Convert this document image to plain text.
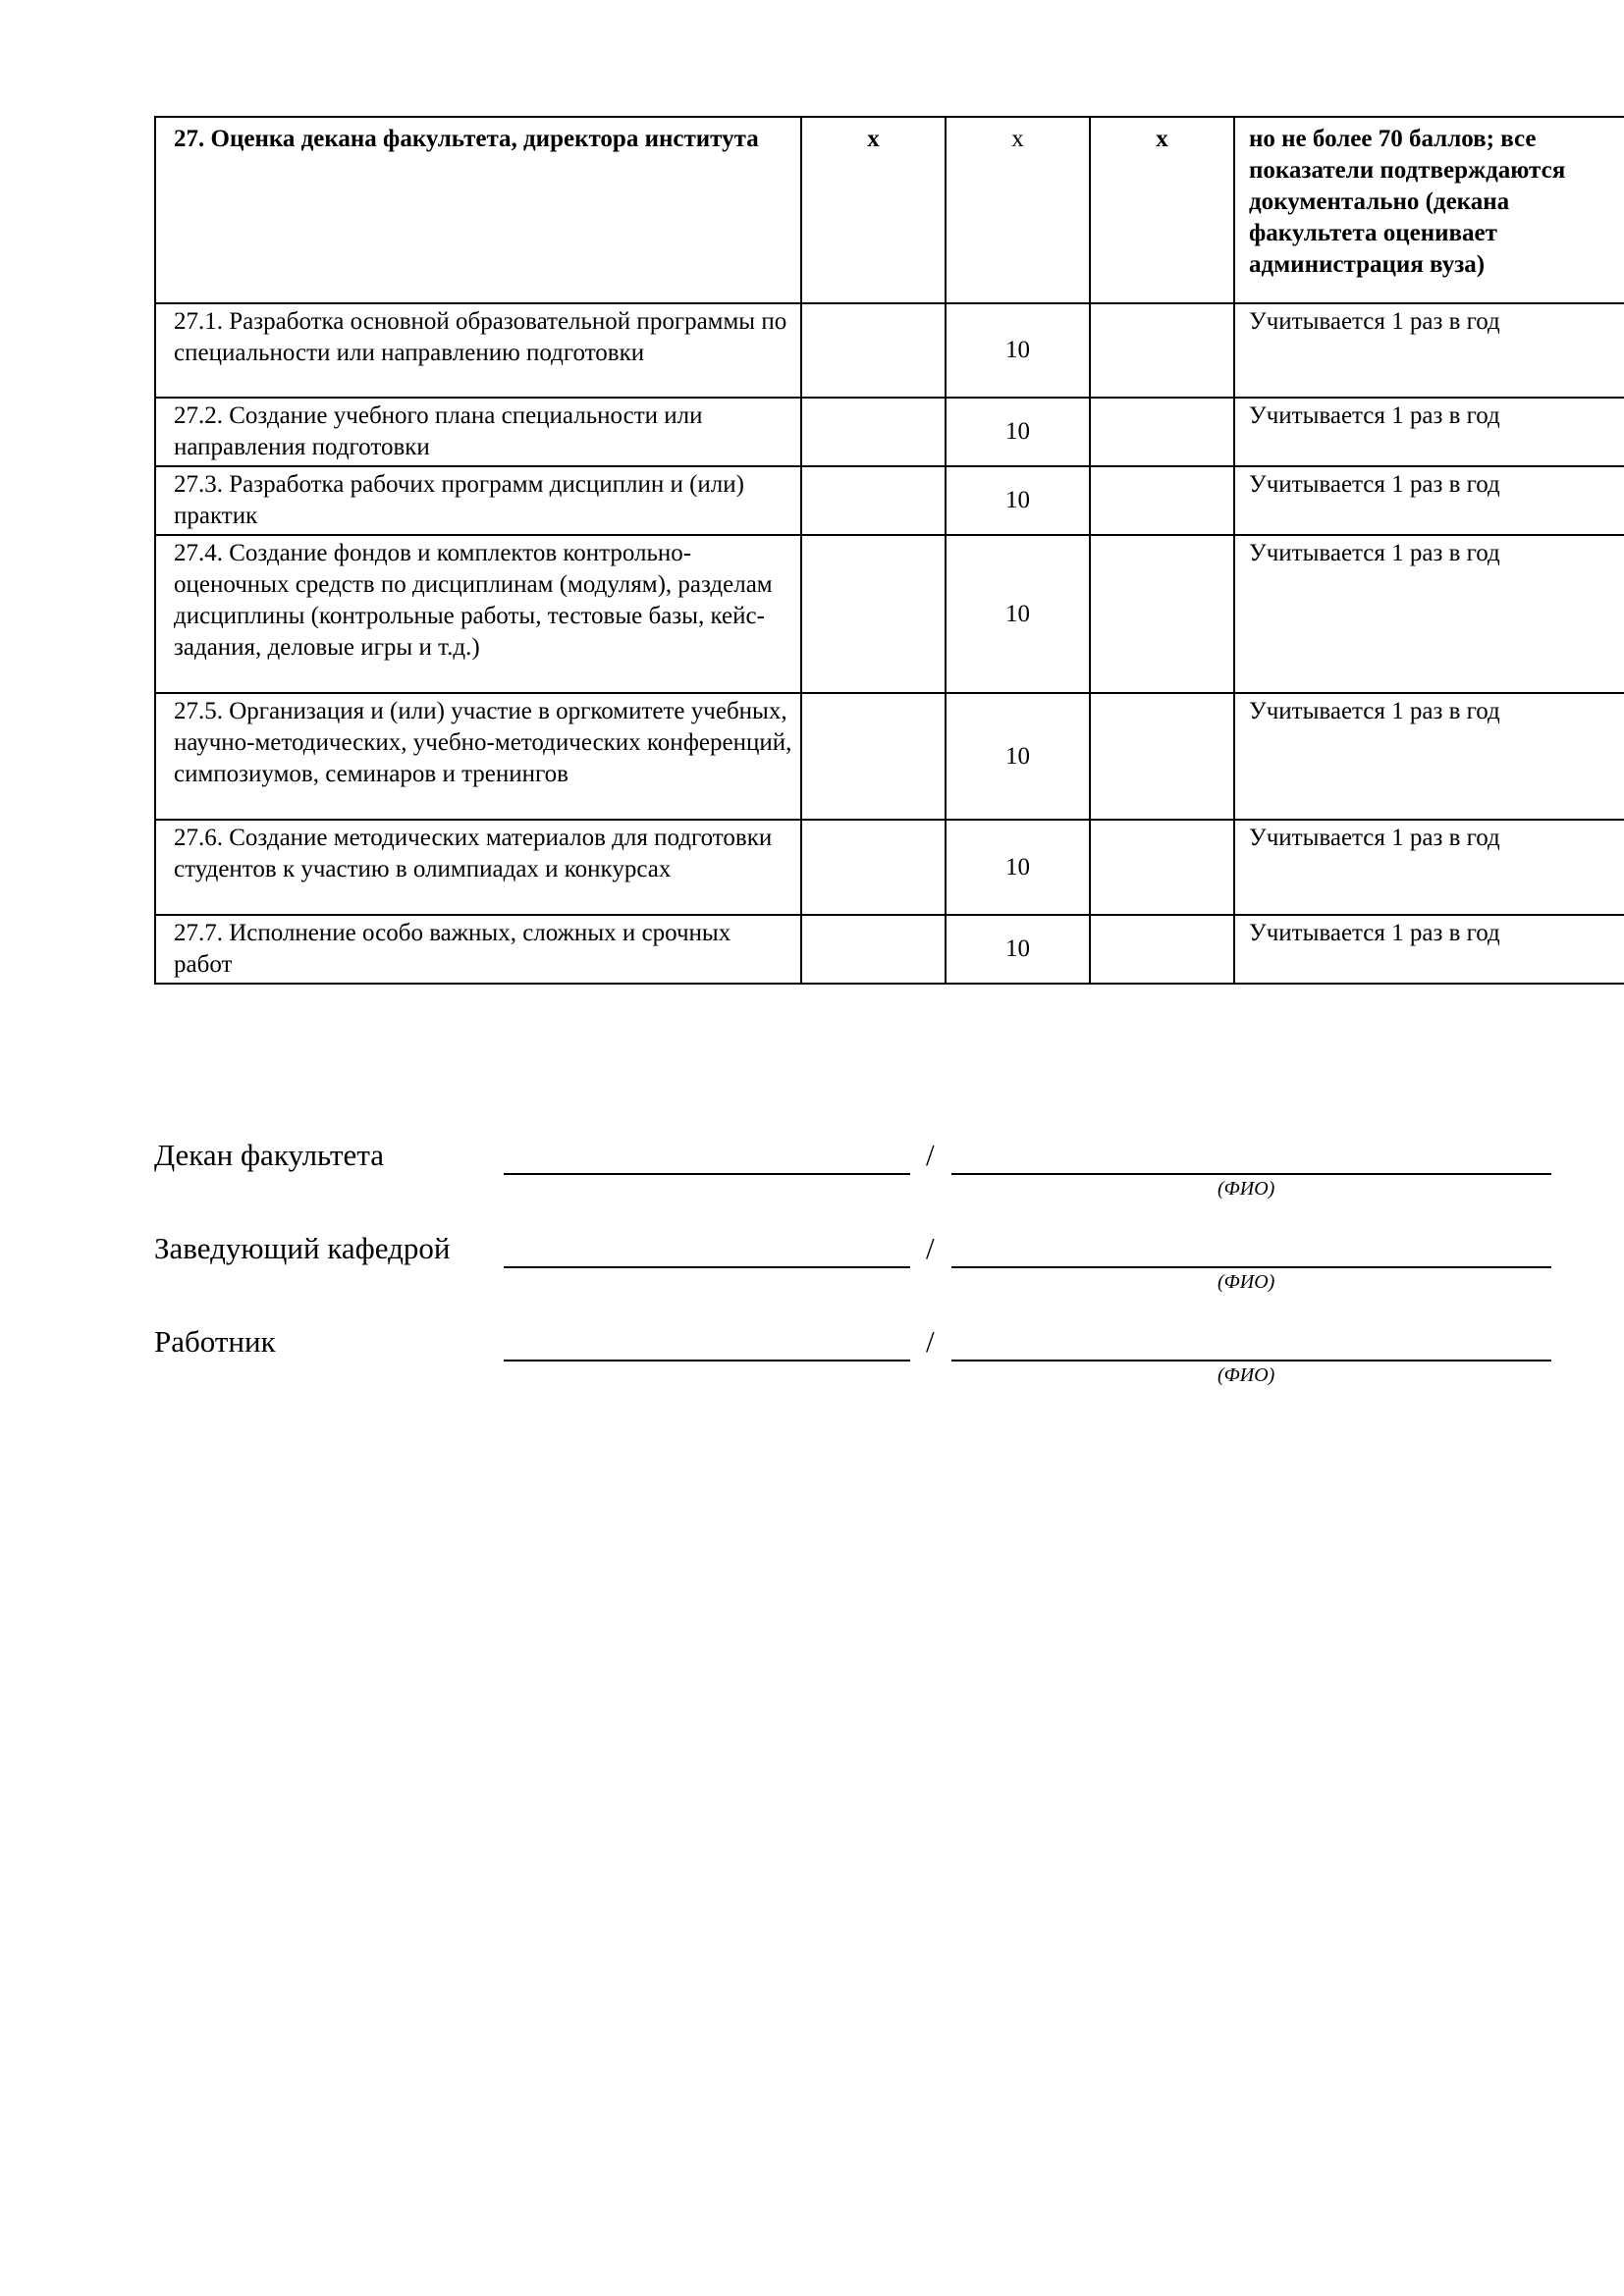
27. Оценка декана факультета, директора института	х	х	х	но не более 70 баллов; все показатели подтверждаются документально (декана факультета оценивает администрация вуза)
27.1. Разработка основной образовательной программы по специальности или направлению подготовки		10		Учитывается 1 раз в год
27.2. Создание учебного плана специальности или направления подготовки		10		Учитывается 1 раз в год
27.3. Разработка рабочих программ дисциплин и (или) практик		10		Учитывается 1 раз в год
27.4. Создание фондов и комплектов контрольно-оценочных средств по дисциплинам (модулям), разделам дисциплины (контрольные работы, тестовые базы, кейс-задания, деловые игры и т.д.)		10		Учитывается 1 раз в год
27.5. Организация и (или) участие в оргкомитете учебных, научно-методических, учебно-методических конференций, симпозиумов, семинаров и тренингов		10		Учитывается 1 раз в год
27.6. Создание методических материалов для подготовки студентов к участию в олимпиадах и конкурсах		10		Учитывается 1 раз в год
27.7. Исполнение особо важных, сложных и срочных работ		10		Учитывается 1 раз в год
Декан факультета	/
(ФИО)
Заведующий кафедрой	/
(ФИО)
Работник	/
(ФИО)
